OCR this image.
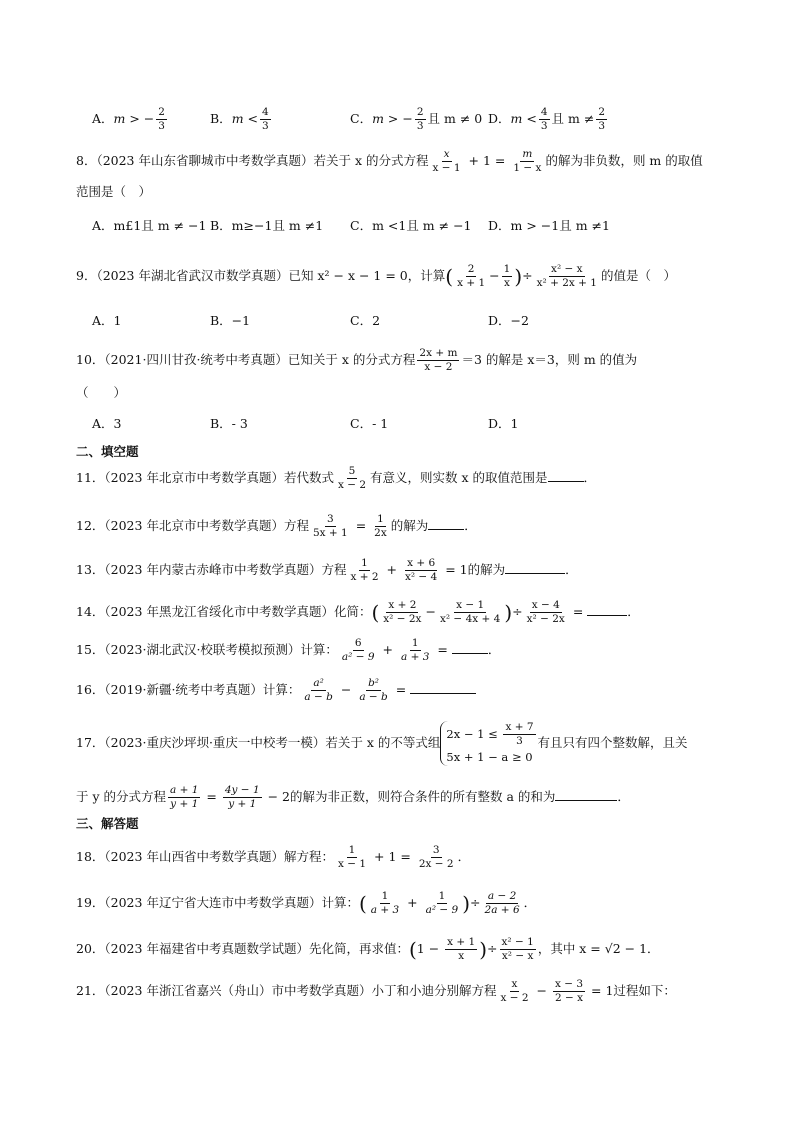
A．m > − $\frac{2}{3}$	B．$m < \frac{4}{3}$	C．m > − $\frac{2}{3}$ 且 m ≠ 0 D．$m < \frac{4}{3}$ 且 $m \ne \frac{2}{3}$
8．（2023 年山东省聊城市中考数学真题）若关于 x 的分式方程 $\frac{x}{x - 1} + 1 = \frac{m}{1 - x}$ 的解为非负数，则 m 的取值
范围是（　）
A．m£1且 m ≠ −1 B．m≥−1且 m ≠1 C．m <1且 m ≠ −1 D．m > −1且 m ≠1
9．（2023 年湖北省武汉市数学真题）已知 x² − x − 1 = 0，计算( $\frac{2}{x + 1} - \frac{1}{x}$ )÷ $\frac{\text{x² − x}}{\text{x² + 2x + 1}}$ 的值是（　）
A．1	B．−1	C．2	D．−2
10．（2021·四川甘孜·统考中考真题）已知关于 x 的分式方程 $\frac{2x + m}{x - 2} =3$ 的解是 x＝3，则 m 的值为
（　　）
A．3	B．- 3	C．- 1	D．1
二、填空题
11．（2023 年北京市中考数学真题）若代数式 $\frac{5}{x - 2}$ 有意义，则实数 x 的取值范围是	．
12．（2023 年北京市中考数学真题）方程 $\frac{3}{5x + 1} = \frac{1}{2x}$ 的解为	．
13．（2023 年内蒙古赤峰市中考数学真题）方程 $\frac{1}{x + 2} + \frac{x + 6}{\text{x² − 4}} = 1$的解为	．
14．（2023 年黑龙江省绥化市中考数学真题）化简：( $\frac{x + 2}{\text{x² − 2x}} - \frac{x - 1}{\text{x² − 4x + 4}}$ )÷ $\frac{x - 4}{\text{x² − 2x}}$ =	．
15．（2023·湖北武汉·校联考模拟预测）计算： $\frac{6}{\text{a² − 9}} + \frac{1}{a + 3}$ =	．
16．（2019·新疆·统考中考真题）计算： $\frac{\text{a²}}{a - b} - \frac{\text{b²}}{a - b}$ =
17．（2023·重庆沙坪坝·重庆一中校考一模）若关于 x 的不等式组$2x - 1 \le \frac{x + 7}{3}$

5x + 1 − a ≥ 0有且只有四个整数解，且关
于 y 的分式方程 $\frac{a + 1}{y + 1} = \frac{4y - 1}{y + 1} - 2$的解为非正数，则符合条件的所有整数 a 的和为	．
三、解答题
18．（2023 年山西省中考数学真题）解方程： $\frac{1}{x - 1} + 1 = \frac{3}{2x - 2}$ ．
19．（2023 年辽宁省大连市中考数学真题）计算：( $\frac{1}{a + 3} + \frac{1}{\text{a² − 9}}$ )÷ $\frac{a - 2}{2a + 6}$ ．
20．（2023 年福建省中考真题数学试题）先化简，再求值：($1 - \frac{x + 1}{x}$ )÷ $\frac{\text{x² − 1}}{\text{x² − x}}$ ，其中 x = √2 − 1．
21．（2023 年浙江省嘉兴（舟山）市中考数学真题）小丁和小迪分别解方程 $\frac{x}{x - 2} - \frac{x - 3}{2 - x} = 1$过程如下：
